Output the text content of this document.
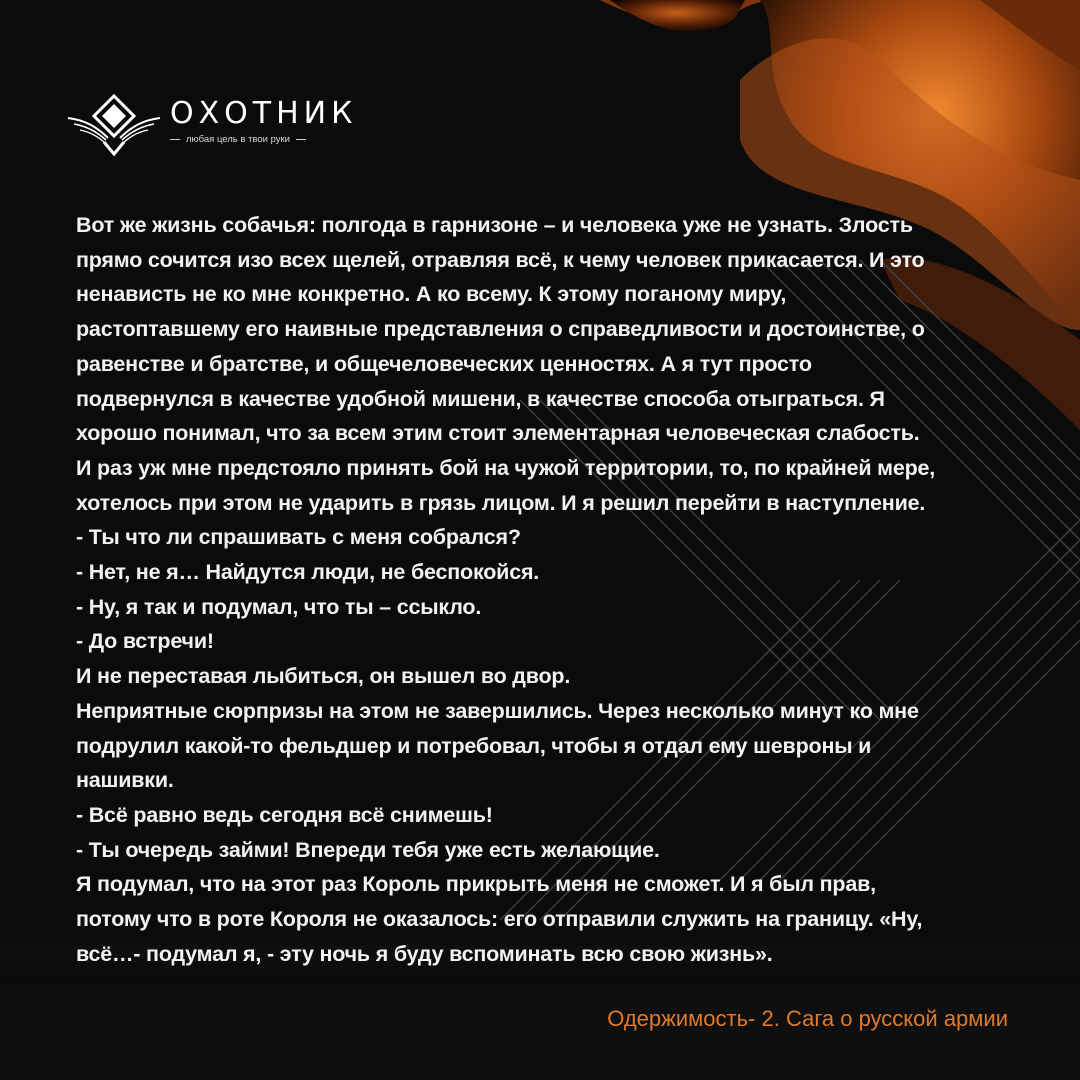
ОХОТНИК
любая цель в твои руки
Вот же жизнь собачья: полгода в гарнизоне – и человека уже не узнать. Злость
прямо сочится изо всех щелей, отравляя всё, к чему человек прикасается. И это
ненависть не ко мне конкретно. А ко всему. К этому поганому миру,
растоптавшему его наивные представления о справедливости и достоинстве, о
равенстве и братстве, и общечеловеческих ценностях. А я тут просто
подвернулся в качестве удобной мишени, в качестве способа отыграться. Я
хорошо понимал, что за всем этим стоит элементарная человеческая слабость.
И раз уж мне предстояло принять бой на чужой территории, то, по крайней мере,
хотелось при этом не ударить в грязь лицом. И я решил перейти в наступление.
- Ты что ли спрашивать с меня собрался?
- Нет, не я… Найдутся люди, не беспокойся.
- Ну, я так и подумал, что ты – ссыкло.
- До встречи!
И не переставая лыбиться, он вышел во двор.
Неприятные сюрпризы на этом не завершились. Через несколько минут ко мне
подрулил какой-то фельдшер и потребовал, чтобы я отдал ему шевроны и
нашивки.
- Всё равно ведь сегодня всё снимешь!
- Ты очередь займи! Впереди тебя уже есть желающие.
Я подумал, что на этот раз Король прикрыть меня не сможет. И я был прав,
потому что в роте Короля не оказалось: его отправили служить на границу. «Ну,
всё…- подумал я, - эту ночь я буду вспоминать всю свою жизнь».
Одержимость- 2. Сага о русской армии
